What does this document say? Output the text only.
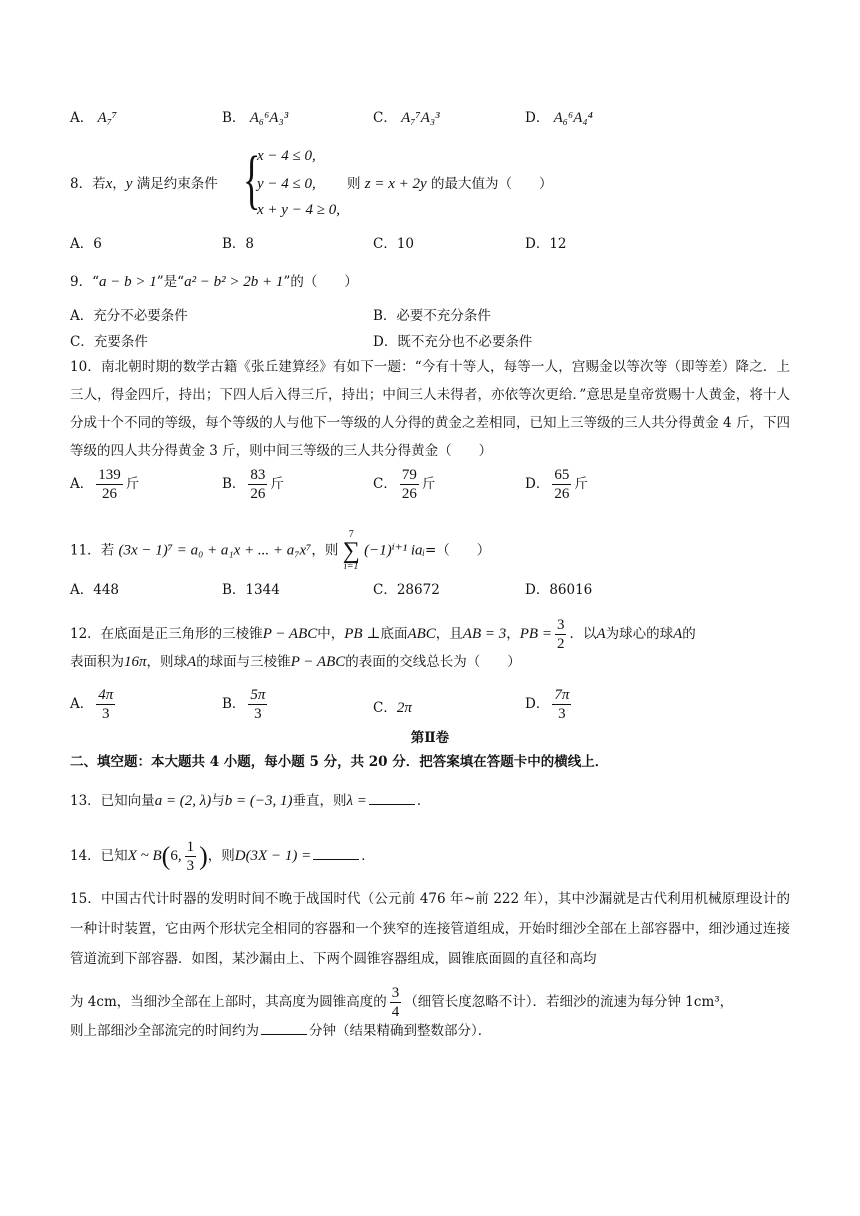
A． A₇⁷	B． A₆⁶A₃³	C． A₇⁷A₃³	D． A₆⁶A₄⁴
8．若x，y 满足约束条件 {
x − 4 ≤ 0,
y − 4 ≤ 0,
x + y − 4 ≥ 0,
则 z = x + 2y 的最大值为（　　）
A．6	B．8	C．10	D．12
9．“a − b > 1”是“a² − b² > 2b + 1”的（　　）
A．充分不必要条件	B．必要不充分条件
C．充要条件	D．既不充分也不必要条件
10．南北朝时期的数学古籍《张丘建算经》有如下一题：“今有十等人，每等一人，宫赐金以等次等（即等差）降之．上三人，得金四斤，持出；下四人后入得三斤，持出；中间三人未得者，亦依等次更给．”意思是皇帝赏赐十人黄金，将十人分成十个不同的等级，每个等级的人与他下一等级的人分得的黄金之差相同，已知上三等级的三人共分得黄金 4 斤，下四等级的四人共分得黄金 3 斤，则中间三等级的三人共分得黄金（　　）
A． $\frac{139}{26}$ 斤	B． $\frac{83}{26}$ 斤	C． $\frac{79}{26}$ 斤	D． $\frac{65}{26}$ 斤
11．若 (3x − 1)⁷ = a₀ + a₁x + ... + a₇x⁷，则
7
∑
i=1
(−1)ⁱ⁺¹ iaᵢ=（　　）
A．448	B．1344	C．28672	D．86016
12．在底面是正三角形的三棱锥P − ABC中，PB ⊥底面ABC，且AB = 3，PB = $\frac{3}{2}$ ．以A为球心的球A的
表面积为16π，则球A的球面与三棱锥P − ABC的表面的交线总长为（　　）
A． $\frac{4\pi}{3}$	B． $\frac{5\pi}{3}$	C．2π	D． $\frac{7\pi}{3}$
第Ⅱ卷
二、填空题：本大题共 4 小题，每小题 5 分，共 20 分．把答案填在答题卡中的横线上．
13．已知向量a = (2, λ)与b = (−3, 1)垂直，则λ =	．
14．已知X ~ B(6, $\frac{1}{3}$ )，则D(3X − 1) =	．
15．中国古代计时器的发明时间不晚于战国时代（公元前 476 年~前 222 年），其中沙漏就是古代利用机械原理设计的一种计时装置，它由两个形状完全相同的容器和一个狭窄的连接管道组成，开始时细沙全部在上部容器中，细沙通过连接管道流到下部容器．如图，某沙漏由上、下两个圆锥容器组成，圆锥底面圆的直径和高均
为 4cm，当细沙全部在上部时，其高度为圆锥高度的 $\frac{3}{4}$ （细管长度忽略不计）．若细沙的流速为每分钟 1cm³，
则上部细沙全部流完的时间约为	分钟（结果精确到整数部分）．
